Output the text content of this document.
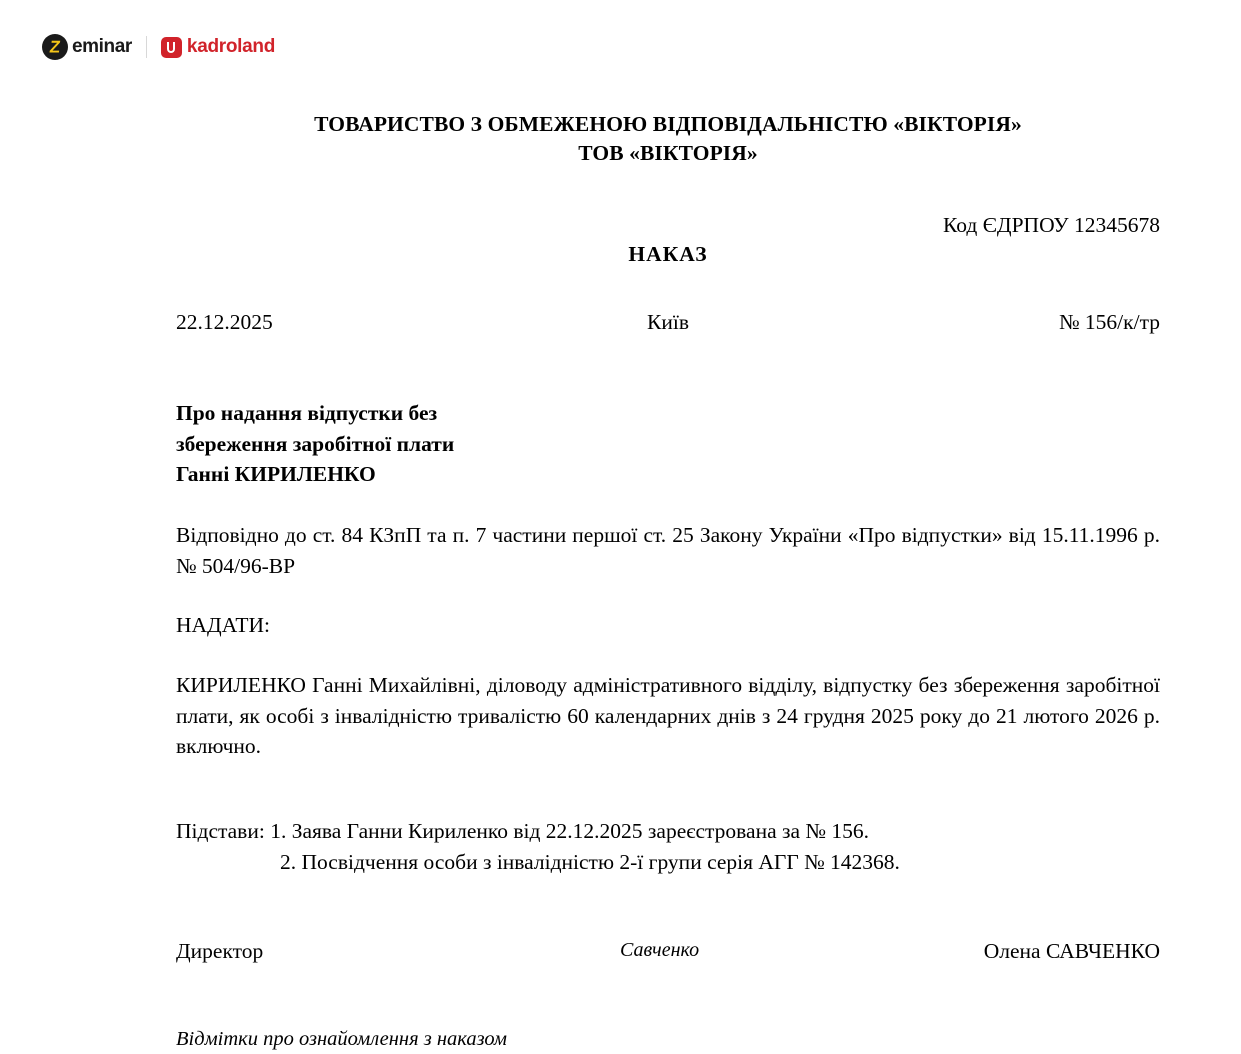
Z
eminar	kadroland
ТОВАРИСТВО З ОБМЕЖЕНОЮ ВІДПОВІДАЛЬНІСТЮ «ВІКТОРІЯ»
ТОВ «ВІКТОРІЯ»
Код ЄДРПОУ 12345678
НАКАЗ
22.12.2025	Київ	№ 156/к/тр
Про надання відпустки без
збереження заробітної плати
Ганні КИРИЛЕНКО
Відповідно до ст. 84 КЗпП та п. 7 частини першої ст. 25 Закону України «Про відпустки» від 15.11.1996 р. № 504/96-ВР
НАДАТИ:
КИРИЛЕНКО Ганні Михайлівні, діловоду адміністративного відділу, відпустку без збереження заробітної плати, як особі з інвалідністю тривалістю 60 календарних днів з 24 грудня 2025 року до 21 лютого 2026 р. включно.
Підстави: 1. Заява Ганни Кириленко від 22.12.2025 зареєстрована за № 156.
2. Посвідчення особи з інвалідністю 2-ї групи серія АГГ № 142368.
Директор	Савченко	Олена САВЧЕНКО
Відмітки про ознайомлення з наказом
